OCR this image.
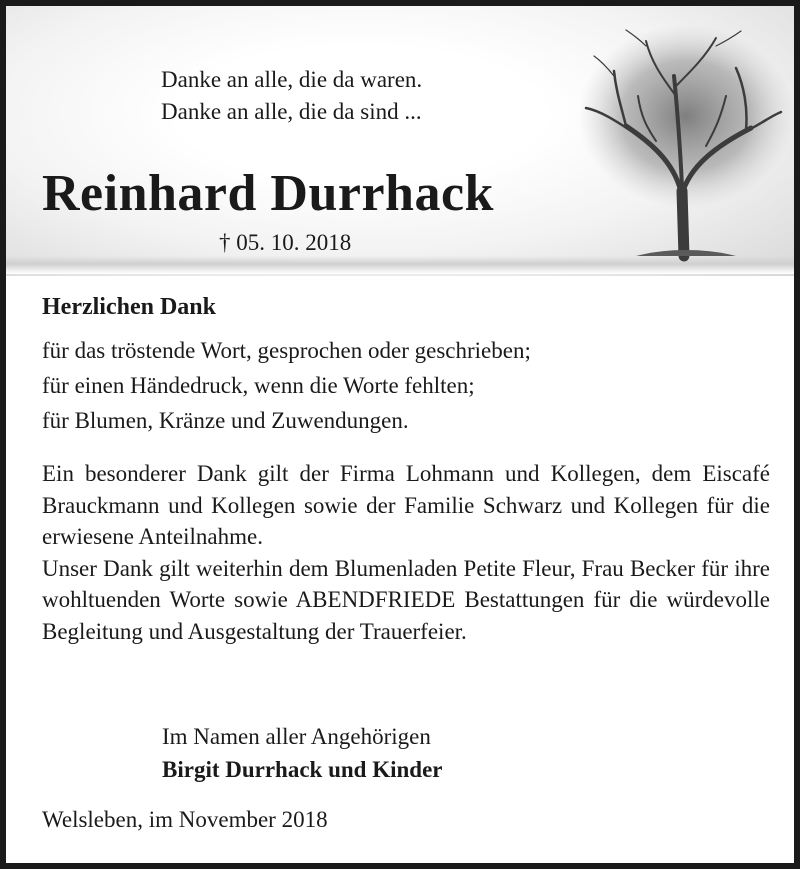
Danke an alle, die da waren.
Danke an alle, die da sind ...
Reinhard Durrhack
† 05. 10. 2018
Herzlichen Dank
für das tröstende Wort, gesprochen oder geschrieben;
für einen Händedruck, wenn die Worte fehlten;
für Blumen, Kränze und Zuwendungen.

Ein besonderer Dank gilt der Firma Lohmann und Kollegen, dem Eiscafé Brauckmann und Kollegen sowie der Familie Schwarz und Kollegen für die erwiesene Anteilnahme.

Unser Dank gilt weiterhin dem Blumenladen Petite Fleur, Frau Becker für ihre wohltuenden Worte sowie ABENDFRIEDE Bestattungen für die würdevolle Begleitung und Ausgestaltung der Trauerfeier.

Im Namen aller Angehörigen
Birgit Durrhack und Kinder
Welsleben, im November 2018
